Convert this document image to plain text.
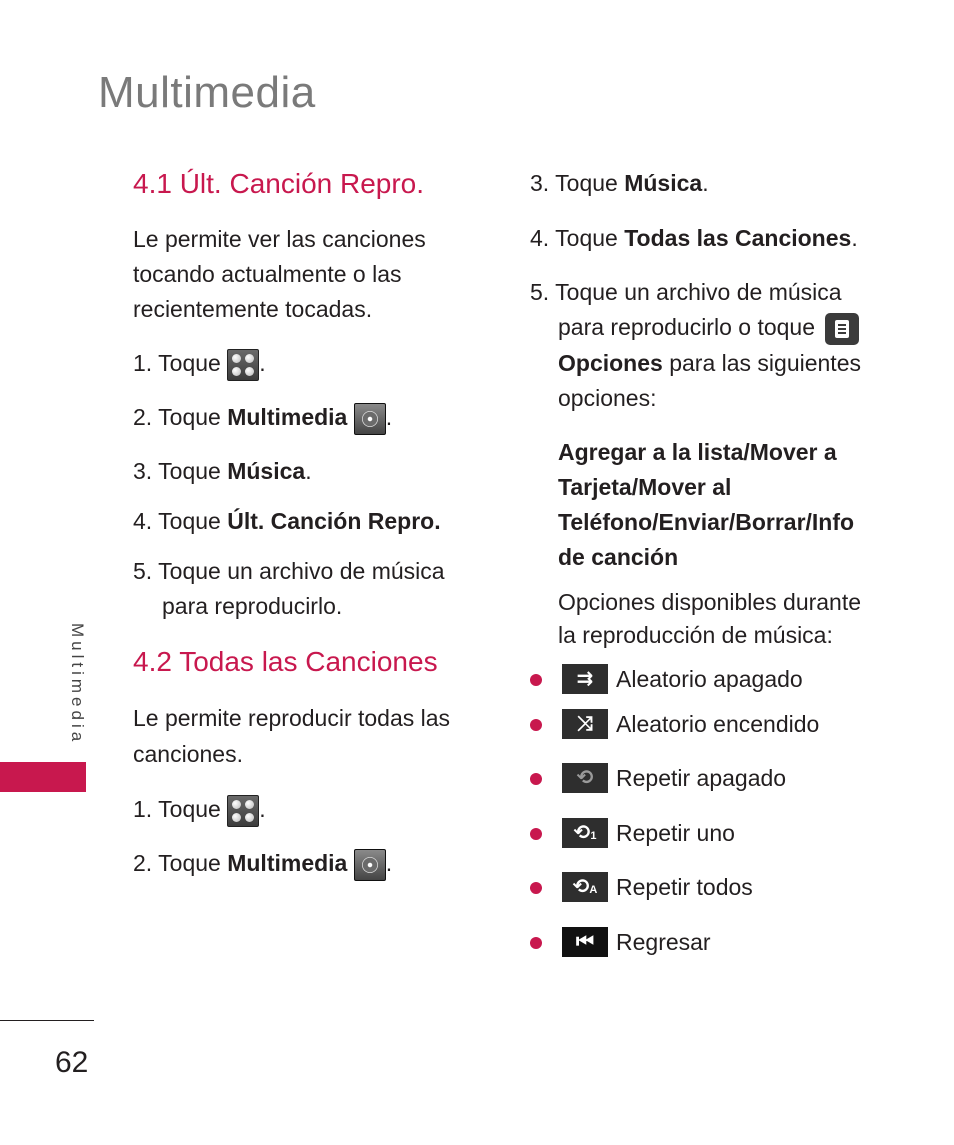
Multimedia

Multimedia

4.1 Últ. Canción Repro.
Le permite ver las canciones
tocando actualmente o las
recientemente tocadas.
1. Toque .
2. Toque Multimedia .
3. Toque Música.
4. Toque Últ. Canción Repro.
5. Toque un archivo de música
para reproducirlo.
4.2 Todas las Canciones
Le permite reproducir todas las
canciones.
1. Toque .
2. Toque Multimedia .
3. Toque Música.
4. Toque Todas las Canciones.
5. Toque un archivo de música
para reproducirlo o toque
Opciones para las siguientes
opciones:
Agregar a la lista/Mover a
Tarjeta/Mover al
Teléfono/Enviar/Borrar/Info
de canción
Opciones disponibles durante
la reproducción de música:
⇉ Aleatorio apagado
⤨	Aleatorio encendido
⟲ Repetir apagado
⟲1 Repetir uno
⟲A Repetir todos
⏮ Regresar

62
